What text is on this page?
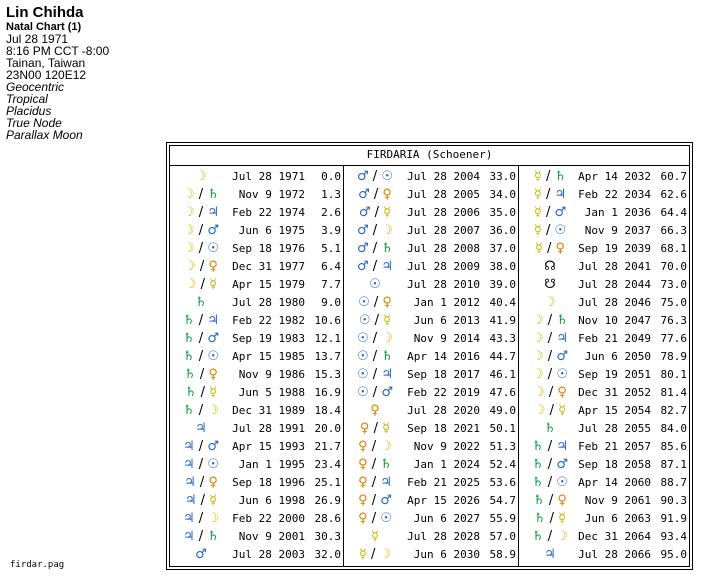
Lin Chihda
Natal Chart (1)
Jul 28 1971
8:16 PM CCT -8:00
Tainan, Taiwan
23N00 120E12
Geocentric
Tropical
Placidus
True Node
Parallax Moon
FIRDARIA (Schoener)
☽	Jul 28 1971 0.0
☽ / ♄	Nov 9 1972 1.3
☽ / ♃	Feb 22 1974 2.6
☽ / ♂	Jun 6 1975 3.9
☽ / ☉	Sep 18 1976 5.1
☽ / ♀	Dec 31 1977 6.4
☽ / ☿	Apr 15 1979 7.7
♄	Jul 28 1980 9.0
♄ / ♃	Feb 22 1982 10.6
♄ / ♂	Sep 19 1983 12.1
♄ / ☉	Apr 15 1985 13.7
♄ / ♀	Nov 9 1986 15.3
♄ / ☿	Jun 5 1988 16.9
♄ / ☽	Dec 31 1989 18.4
♃	Jul 28 1991 20.0
♃ / ♂	Apr 15 1993 21.7
♃ / ☉	Jan 1 1995 23.4
♃ / ♀	Sep 18 1996 25.1
♃ / ☿	Jun 6 1998 26.9
♃ / ☽	Feb 22 2000 28.6
♃ / ♄	Nov 9 2001 30.3
♂	Jul 28 2003 32.0
♂ / ☉	Jul 28 2004 33.0
♂ / ♀	Jul 28 2005 34.0
♂ / ☿	Jul 28 2006 35.0
♂ / ☽	Jul 28 2007 36.0
♂ / ♄	Jul 28 2008 37.0
♂ / ♃	Jul 28 2009 38.0
☉	Jul 28 2010 39.0
☉ / ♀	Jan 1 2012 40.4
☉ / ☿	Jun 6 2013 41.9
☉ / ☽	Nov 9 2014 43.3
☉ / ♄	Apr 14 2016 44.7
☉ / ♃	Sep 18 2017 46.1
☉ / ♂	Feb 22 2019 47.6
♀	Jul 28 2020 49.0
♀ / ☿	Sep 18 2021 50.1
♀ / ☽	Nov 9 2022 51.3
♀ / ♄	Jan 1 2024 52.4
♀ / ♃	Feb 21 2025 53.6
♀ / ♂	Apr 15 2026 54.7
♀ / ☉	Jun 6 2027 55.9
☿	Jul 28 2028 57.0
☿ / ☽	Jun 6 2030 58.9
☿ / ♄	Apr 14 2032 60.7
☿ / ♃	Feb 22 2034 62.6
☿ / ♂	Jan 1 2036 64.4
☿ / ☉	Nov 9 2037 66.3
☿ / ♀	Sep 19 2039 68.1
☊	Jul 28 2041 70.0
☋	Jul 28 2044 73.0
☽	Jul 28 2046 75.0
☽ / ♄ Nov 10 2047 76.3
☽ / ♃ Feb 21 2049 77.6
☽ / ♂	Jun 6 2050 78.9
☽ / ☉ Sep 19 2051 80.1
☽ / ♀	Dec 31 2052 81.4
☽ / ☿	Apr 15 2054 82.7
♄	Jul 28 2055 84.0
♄ / ♃ Feb 21 2057 85.6
♄ / ♂ Sep 18 2058 87.1
♄ / ☉ Apr 14 2060 88.7
♄ / ♀	Nov 9 2061 90.3
♄ / ☿	Jun 6 2063 91.9
♄ / ☽ Dec 31 2064 93.4
♃	Jul 28 2066 95.0
firdar.pag
